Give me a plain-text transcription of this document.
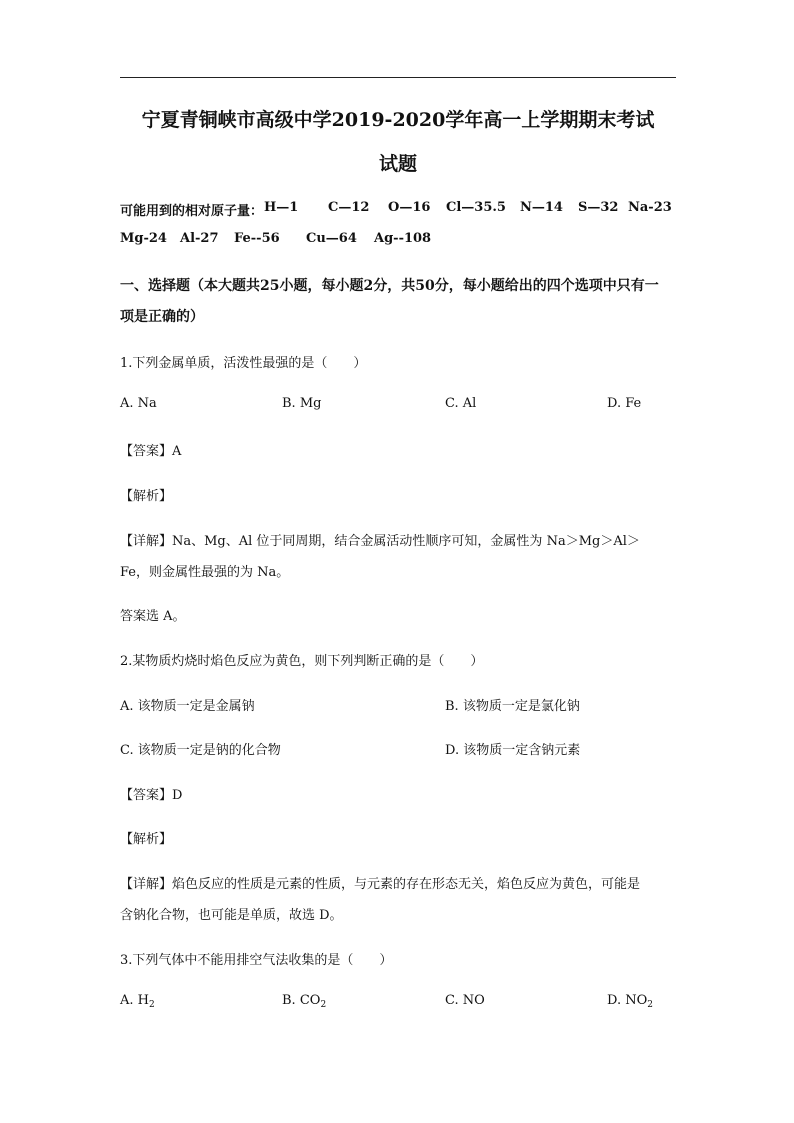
宁夏青铜峡市高级中学2019-2020学年高一上学期期末考试
试题
可能用到的相对原子量： H—1 C—12 O—16 Cl—35.5 N—14 S—32 Na-23
Mg-24 Al-27 Fe--56 Cu—64 Ag--108
一、选择题（本大题共25小题，每小题2分，共50分，每小题给出的四个选项中只有一
项是正确的）
1.下列金属单质，活泼性最强的是（　　）
A. Na	B. Mg	C. Al	D. Fe
【答案】A
【解析】
【详解】Na、Mg、Al 位于同周期，结合金属活动性顺序可知，金属性为 Na＞Mg＞Al＞
Fe，则金属性最强的为 Na。
答案选 A。
2.某物质灼烧时焰色反应为黄色，则下列判断正确的是（　　）
A. 该物质一定是金属钠	B. 该物质一定是氯化钠
C. 该物质一定是钠的化合物	D. 该物质一定含钠元素
【答案】D
【解析】
【详解】焰色反应的性质是元素的性质，与元素的存在形态无关，焰色反应为黄色，可能是
含钠化合物，也可能是单质，故选 D。
3.下列气体中不能用排空气法收集的是（　　）
A. $H_2$	B. $CO_2$	C. NO	D. $NO_2$
